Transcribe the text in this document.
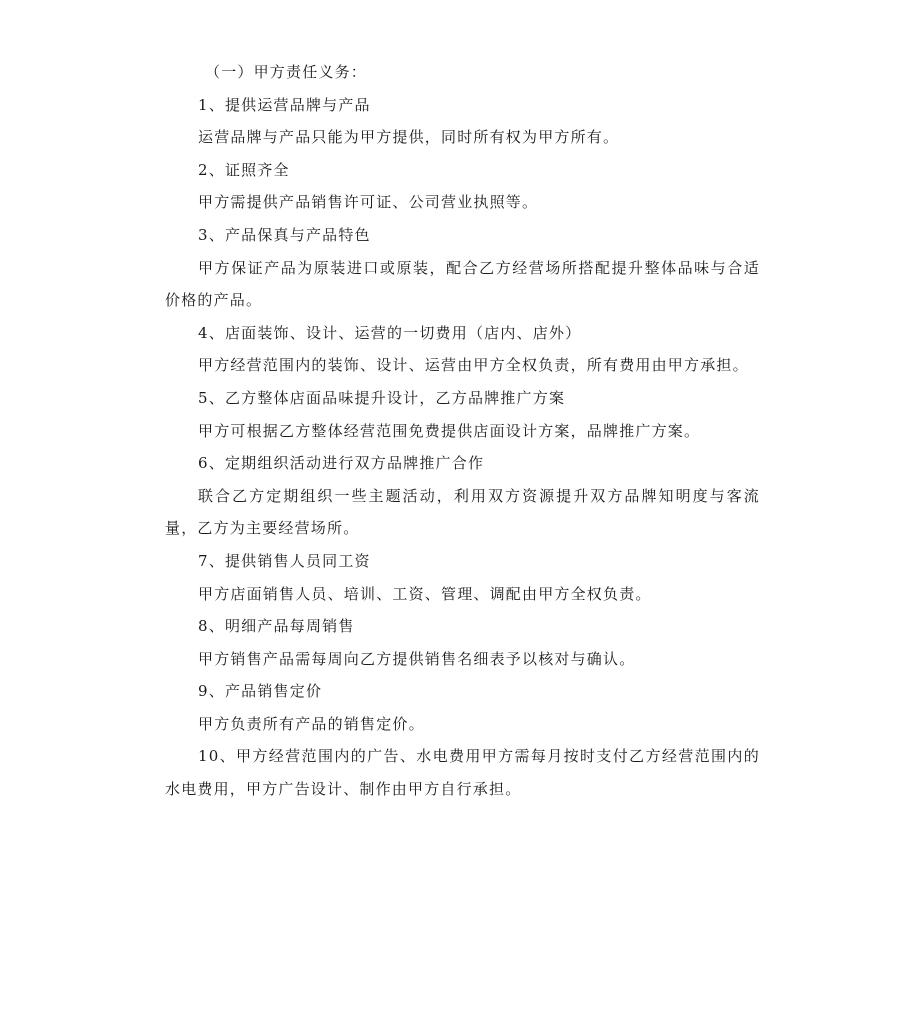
（一）甲方责任义务：

1、提供运营品牌与产品

运营品牌与产品只能为甲方提供，同时所有权为甲方所有。

2、证照齐全

甲方需提供产品销售许可证、公司营业执照等。

3、产品保真与产品特色

甲方保证产品为原装进口或原装，配合乙方经营场所搭配提升整体品味与合适价格的产品。

4、店面装饰、设计、运营的一切费用（店内、店外）

甲方经营范围内的装饰、设计、运营由甲方全权负责，所有费用由甲方承担。

5、乙方整体店面品味提升设计，乙方品牌推广方案

甲方可根据乙方整体经营范围免费提供店面设计方案，品牌推广方案。

6、定期组织活动进行双方品牌推广合作

联合乙方定期组织一些主题活动，利用双方资源提升双方品牌知明度与客流量，乙方为主要经营场所。

7、提供销售人员同工资

甲方店面销售人员、培训、工资、管理、调配由甲方全权负责。

8、明细产品每周销售

甲方销售产品需每周向乙方提供销售名细表予以核对与确认。

9、产品销售定价

甲方负责所有产品的销售定价。

10、甲方经营范围内的广告、水电费用甲方需每月按时支付乙方经营范围内的水电费用，甲方广告设计、制作由甲方自行承担。
